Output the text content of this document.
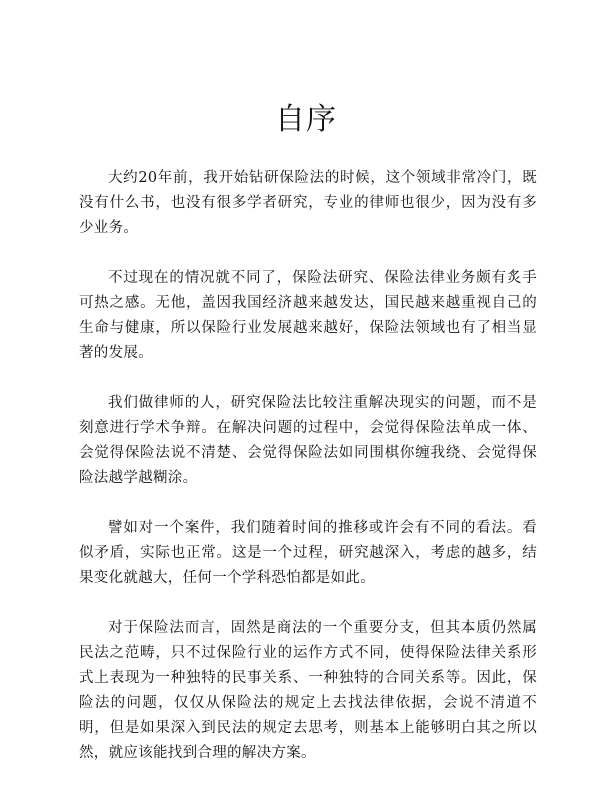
自序

大约20年前，我开始钻研保险法的时候，这个领域非常冷门，既没有什么书，也没有很多学者研究，专业的律师也很少，因为没有多少业务。

不过现在的情况就不同了，保险法研究、保险法律业务颇有炙手可热之感。无他，盖因我国经济越来越发达，国民越来越重视自己的生命与健康，所以保险行业发展越来越好，保险法领域也有了相当显著的发展。

我们做律师的人，研究保险法比较注重解决现实的问题，而不是刻意进行学术争辩。在解决问题的过程中，会觉得保险法单成一体、会觉得保险法说不清楚、会觉得保险法如同围棋你缠我绕、会觉得保险法越学越糊涂。

譬如对一个案件，我们随着时间的推移或许会有不同的看法。看似矛盾，实际也正常。这是一个过程，研究越深入，考虑的越多，结果变化就越大，任何一个学科恐怕都是如此。

对于保险法而言，固然是商法的一个重要分支，但其本质仍然属民法之范畴，只不过保险行业的运作方式不同，使得保险法律关系形式上表现为一种独特的民事关系、一种独特的合同关系等。因此，保险法的问题，仅仅从保险法的规定上去找法律依据，会说不清道不明，但是如果深入到民法的规定去思考，则基本上能够明白其之所以然，就应该能找到合理的解决方案。
